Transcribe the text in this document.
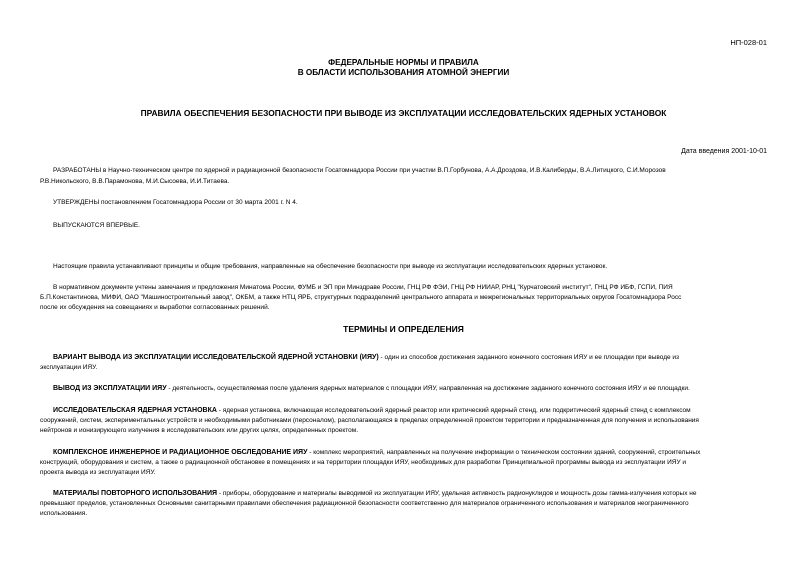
НП-028-01
ФЕДЕРАЛЬНЫЕ НОРМЫ И ПРАВИЛА
В ОБЛАСТИ ИСПОЛЬЗОВАНИЯ АТОМНОЙ ЭНЕРГИИ
ПРАВИЛА ОБЕСПЕЧЕНИЯ БЕЗОПАСНОСТИ ПРИ ВЫВОДЕ ИЗ ЭКСПЛУАТАЦИИ ИССЛЕДОВАТЕЛЬСКИХ ЯДЕРНЫХ УСТАНОВОК
Дата введения 2001-10-01
РАЗРАБОТАНЫ в Научно-техническом центре по ядерной и радиационной безопасности Госатомнадзора России при участии В.П.Горбунова, А.А.Дроздова, И.В.Калиберды, В.А.Литицкого, С.И.Морозов
Р.В.Никольского, В.В.Парамонова, М.И.Сысоева, И.И.Титаева.
УТВЕРЖДЕНЫ постановлением Госатомнадзора России от 30 марта 2001 г. N 4.
ВЫПУСКАЮТСЯ ВПЕРВЫЕ.
Настоящие правила устанавливают принципы и общие требования, направленные на обеспечение безопасности при выводе из эксплуатации исследовательских ядерных установок.
В нормативном документе учтены замечания и предложения Минатома России, ФУМБ и ЭП при Минздраве России, ГНЦ РФ ФЭИ, ГНЦ РФ НИИАР, РНЦ "Курчатовский институт", ГНЦ РФ ИБФ, ГСПИ, ПИЯ
Б.П.Константинова, МИФИ, ОАО "Машиностроительный завод", ОКБМ, а также НТЦ ЯРБ, структурных подразделений центрального аппарата и межрегиональных территориальных округов Госатомнадзора Росс
после их обсуждения на совещаниях и выработки согласованных решений.
ТЕРМИНЫ И ОПРЕДЕЛЕНИЯ
ВАРИАНТ ВЫВОДА ИЗ ЭКСПЛУАТАЦИИ ИССЛЕДОВАТЕЛЬСКОЙ ЯДЕРНОЙ УСТАНОВКИ (ИЯУ) - один из способов достижения заданного конечного состояния ИЯУ и ее площадки при выводе из
эксплуатации ИЯУ.
ВЫВОД ИЗ ЭКСПЛУАТАЦИИ ИЯУ - деятельность, осуществляемая после удаления ядерных материалов с площадки ИЯУ, направленная на достижение заданного конечного состояния ИЯУ и ее площадки.
ИССЛЕДОВАТЕЛЬСКАЯ ЯДЕРНАЯ УСТАНОВКА - ядерная установка, включающая исследовательский ядерный реактор или критический ядерный стенд, или подкритический ядерный стенд с комплексом
сооружений, систем, экспериментальных устройств и необходимыми работниками (персоналом), располагающаяся в пределах определенной проектом территории и предназначенная для получения и использования
нейтронов и ионизирующего излучения в исследовательских или других целях, определенных проектом.
КОМПЛЕКСНОЕ ИНЖЕНЕРНОЕ И РАДИАЦИОННОЕ ОБСЛЕДОВАНИЕ ИЯУ - комплекс мероприятий, направленных на получение информации о техническом состоянии зданий, сооружений, строительных
конструкций, оборудования и систем, а также о радиационной обстановке в помещениях и на территории площадки ИЯУ, необходимых для разработки Принципиальной программы вывода из эксплуатации ИЯУ и
проекта вывода из эксплуатации ИЯУ.
МАТЕРИАЛЫ ПОВТОРНОГО ИСПОЛЬЗОВАНИЯ - приборы, оборудование и материалы выводимой из эксплуатации ИЯУ, удельная активность радионуклидов и мощность дозы гамма-излучения которых не
превышают пределов, установленных Основными санитарными правилами обеспечения радиационной безопасности соответственно для материалов ограниченного использования и материалов неограниченного
использования.
